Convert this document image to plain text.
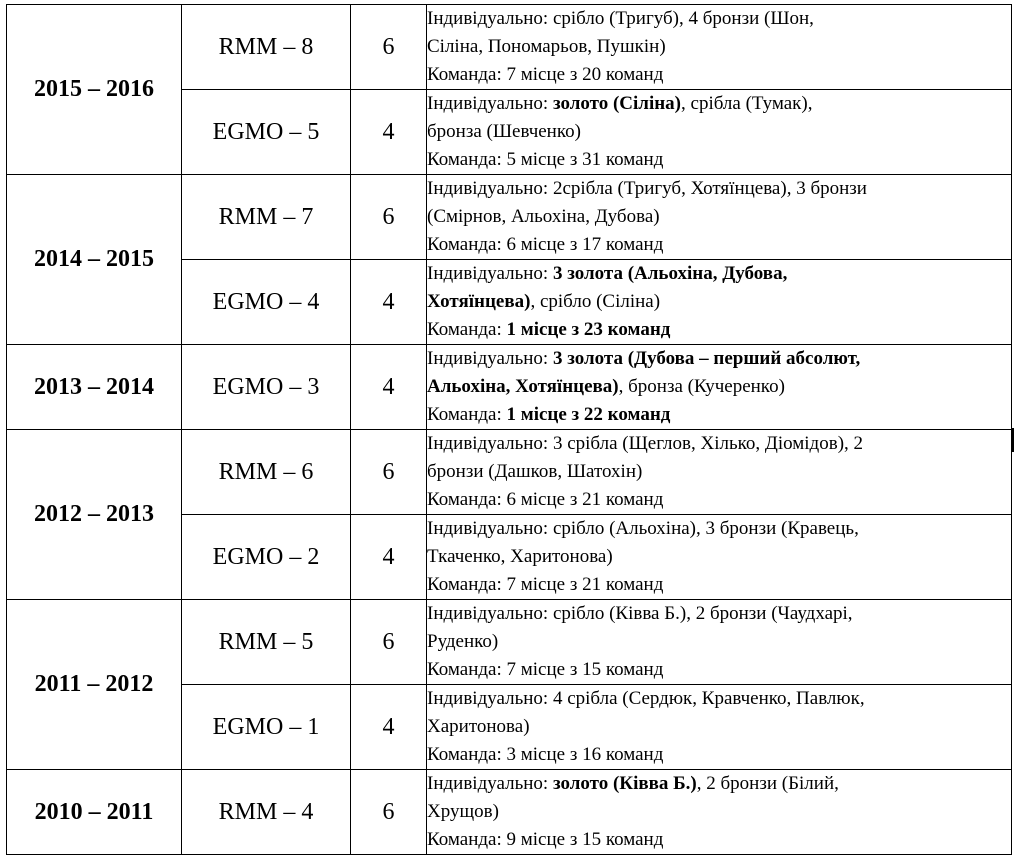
2015 – 2016	RMM – 8	6	Індивідуально: срібло (Тригуб), 4 бронзи (Шон,
Сіліна, Пономарьов, Пушкін)
Команда: 7 місце з 20 команд

	EGMO – 5	4	Індивідуально: золото (Сіліна), срібла (Тумак),
бронза (Шевченко)
Команда: 5 місце з 31 команд

2014 – 2015	RMM – 7	6	Індивідуально: 2срібла (Тригуб, Хотяїнцева), 3 бронзи
(Смірнов, Альохіна, Дубова)
Команда: 6 місце з 17 команд

	EGMO – 4	4	Індивідуально: 3 золота (Альохіна, Дубова,
Хотяїнцева), срібло (Сіліна)
Команда: 1 місце з 23 команд

2013 – 2014	EGMO – 3	4	Індивідуально: 3 золота (Дубова – перший абсолют,
Альохіна, Хотяїнцева), бронза (Кучеренко)
Команда: 1 місце з 22 команд

2012 – 2013	RMM – 6	6	Індивідуально: 3 срібла (Щеглов, Хілько, Діомідов), 2
бронзи (Дашков, Шатохін)
Команда: 6 місце з 21 команд

	EGMO – 2	4	Індивідуально: срібло (Альохіна), 3 бронзи (Кравець,
Ткаченко, Харитонова)
Команда: 7 місце з 21 команд

2011 – 2012	RMM – 5	6	Індивідуально: срібло (Ківва Б.), 2 бронзи (Чаудхарі,
Руденко)
Команда: 7 місце з 15 команд

	EGMO – 1	4	Індивідуально: 4 срібла (Сердюк, Кравченко, Павлюк,
Харитонова)
Команда: 3 місце з 16 команд

2010 – 2011	RMM – 4	6	Індивідуально: золото (Ківва Б.), 2 бронзи (Білий,
Хрущов)
Команда: 9 місце з 15 команд
